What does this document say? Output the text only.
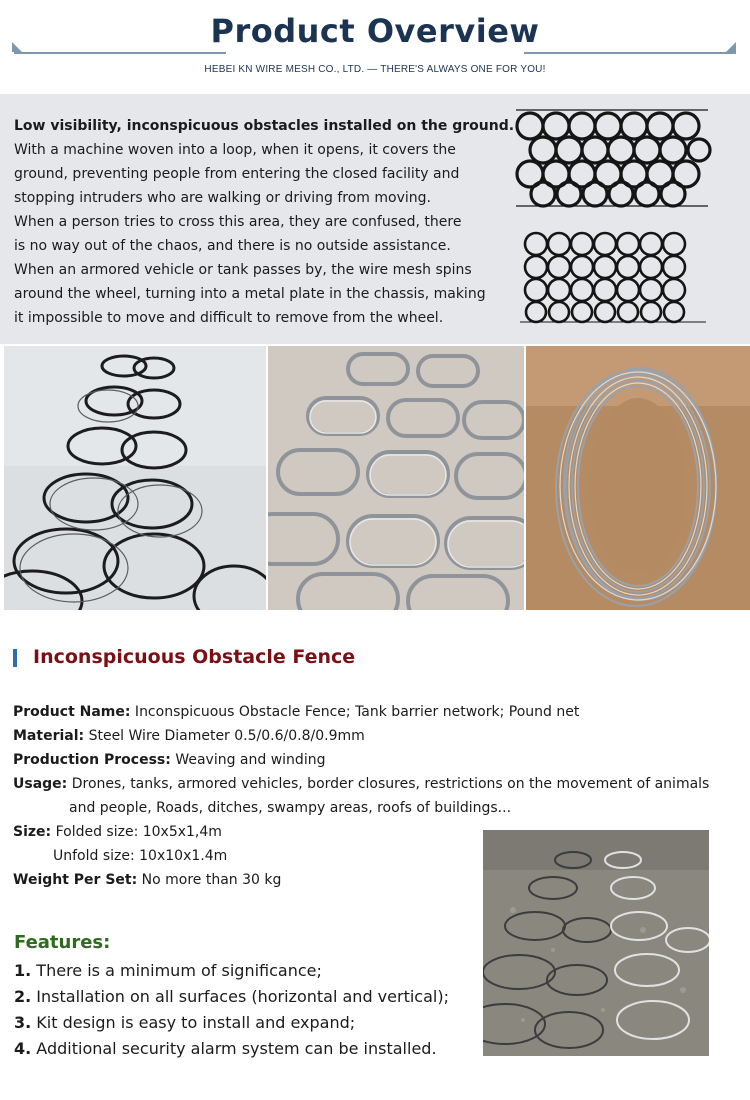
Product Overview
HEBEI KN WIRE MESH CO., LTD. — THERE'S ALWAYS ONE FOR YOU!
Low visibility, inconspicuous obstacles installed on the ground.
With a machine woven into a loop, when it opens, it covers the
ground, preventing people from entering the closed facility and
stopping intruders who are walking or driving from moving.
When a person tries to cross this area, they are confused, there
is no way out of the chaos, and there is no outside assistance.
When an armored vehicle or tank passes by, the wire mesh spins
around the wheel, turning into a metal plate in the chassis, making
it impossible to move and difficult to remove from the wheel.
Inconspicuous Obstacle Fence
Product Name: Inconspicuous Obstacle Fence; Tank barrier network; Pound net
Material: Steel Wire Diameter 0.5/0.6/0.8/0.9mm
Production Process: Weaving and winding
Usage: Drones, tanks, armored vehicles, border closures, restrictions on the movement of animals
and people, Roads, ditches, swampy areas, roofs of buildings...
Size: Folded size: 10x5x1,4m
Unfold size: 10x10x1.4m
Weight Per Set: No more than 30 kg
Features:
1. There is a minimum of significance;
2. Installation on all surfaces (horizontal and vertical);
3. Kit design is easy to install and expand;
4. Additional security alarm system can be installed.
